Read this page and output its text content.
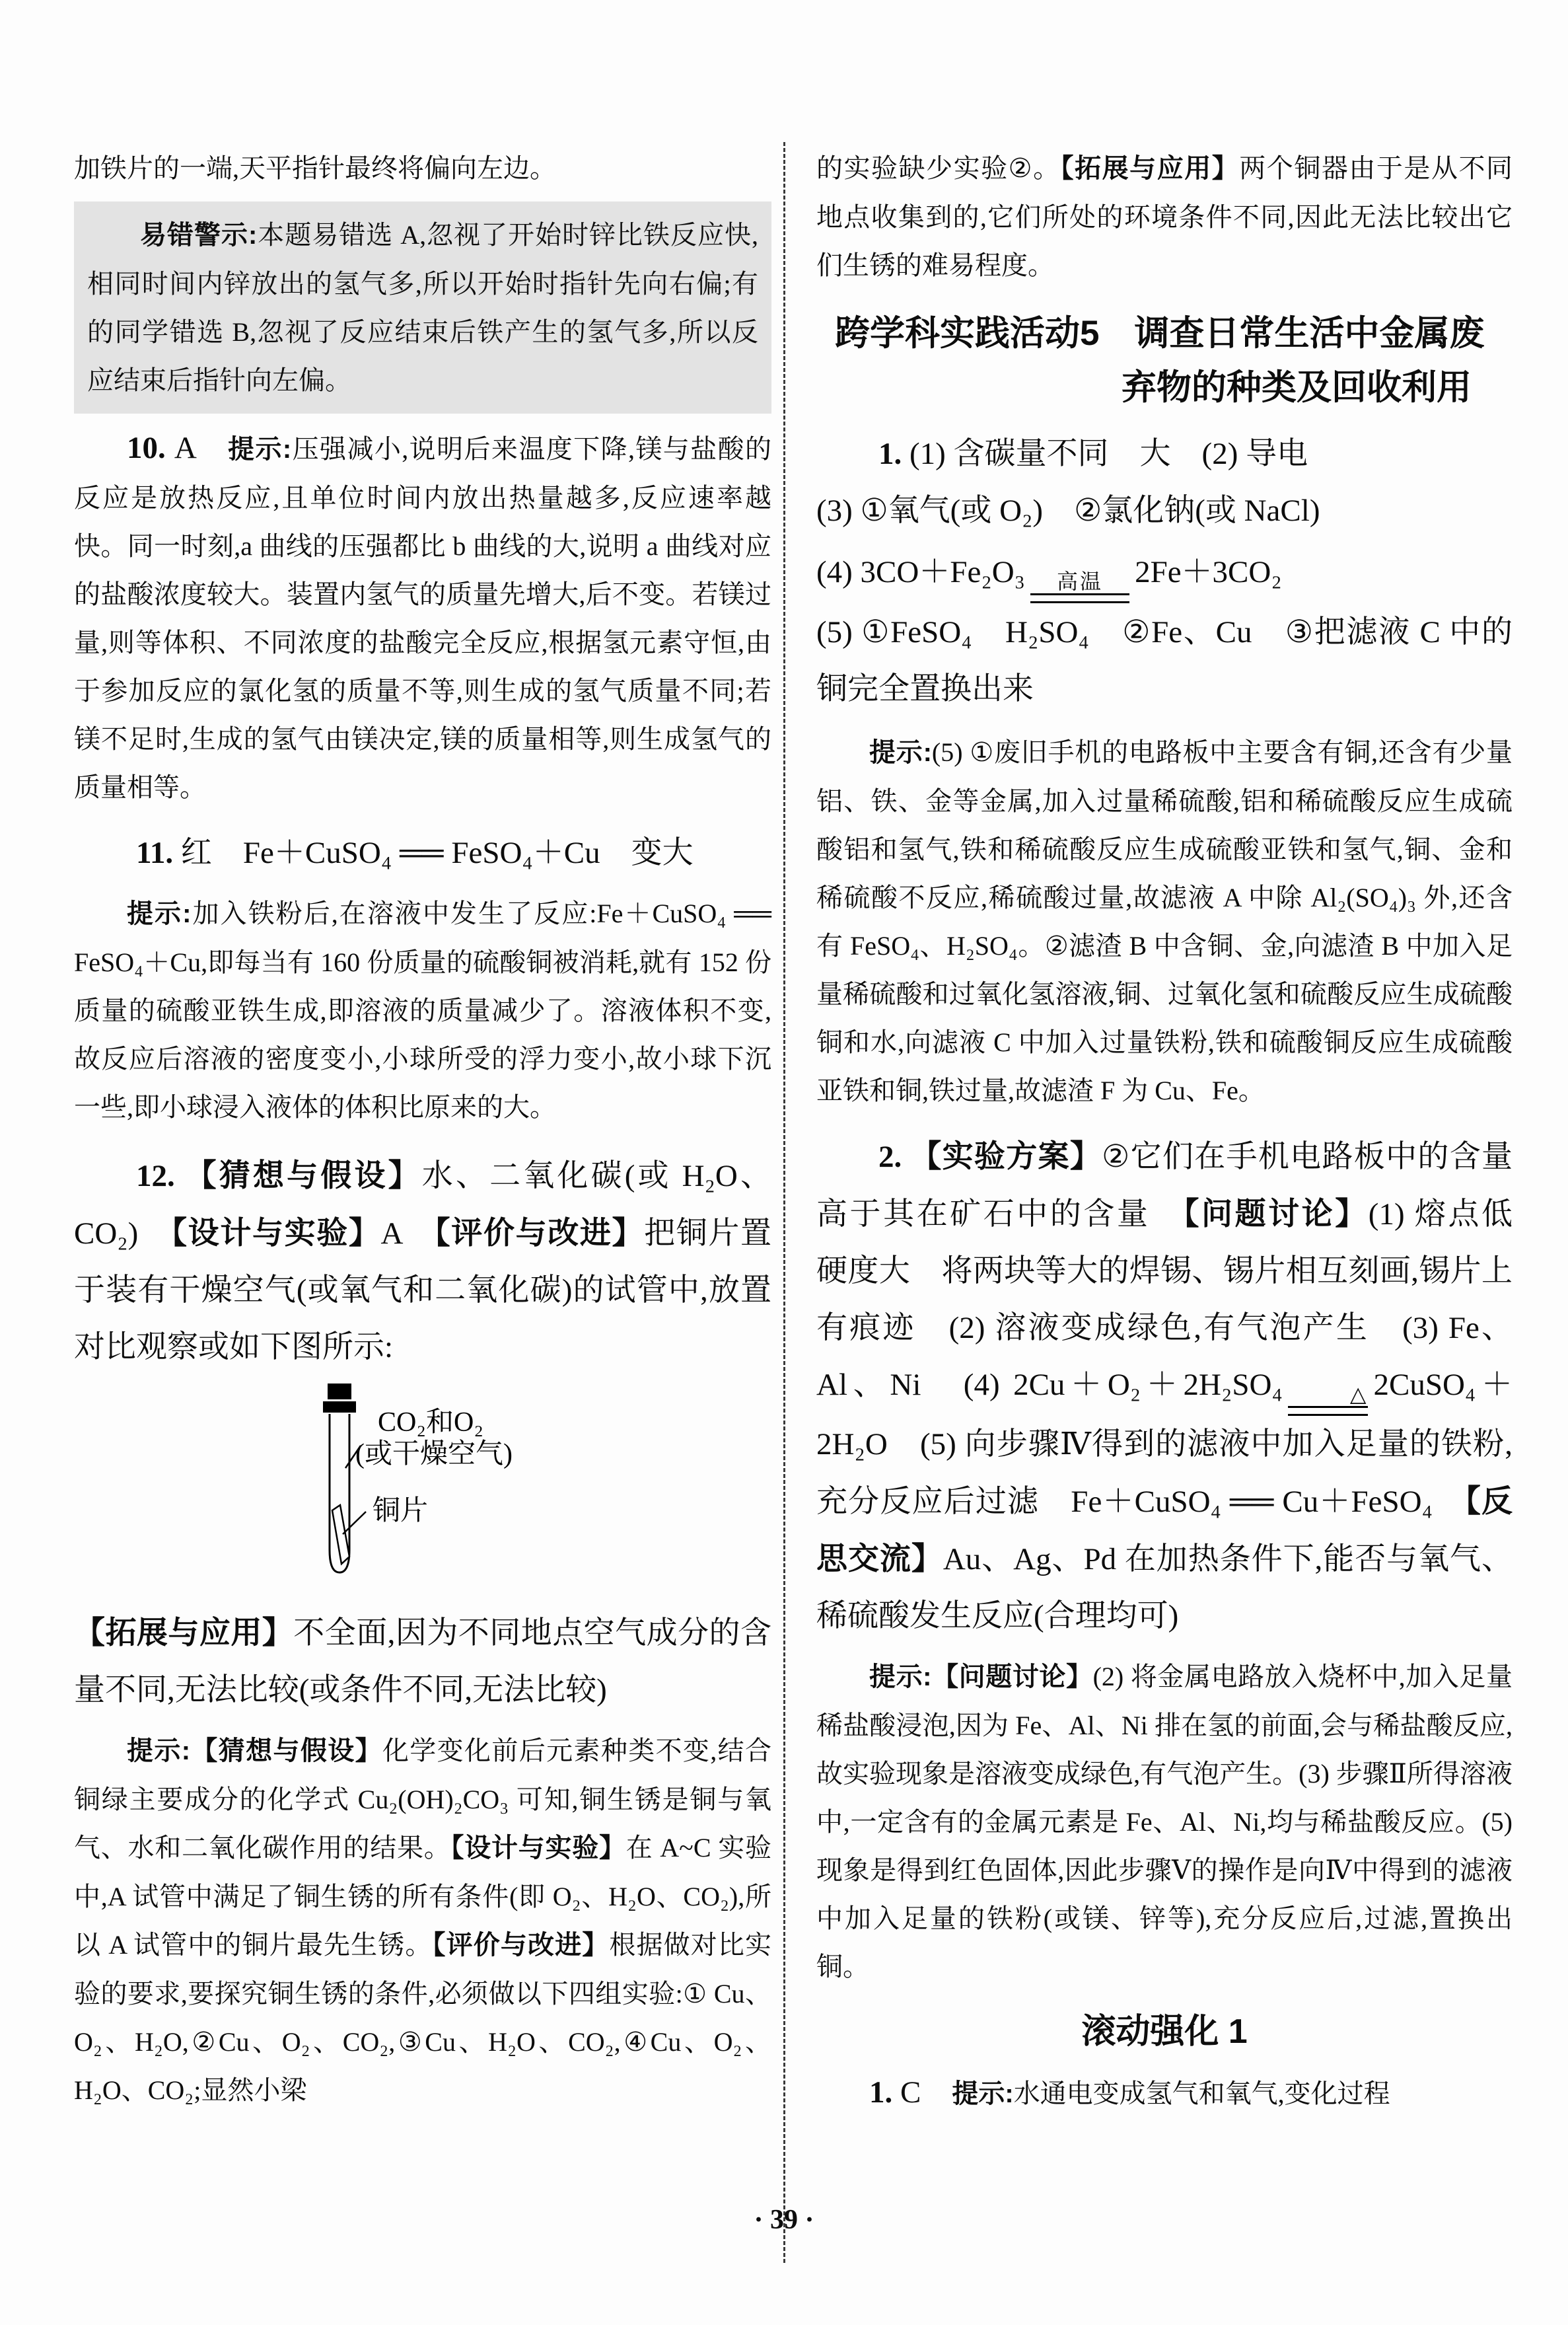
加铁片的一端,天平指针最终将偏向左边。

易错警示:本题易错选 A,忽视了开始时锌比铁反应快,相同时间内锌放出的氢气多,所以开始时指针先向右偏;有的同学错选 B,忽视了反应结束后铁产生的氢气多,所以反应结束后指针向左偏。

10. A　提示:压强减小,说明后来温度下降,镁与盐酸的反应是放热反应,且单位时间内放出热量越多,反应速率越快。同一时刻,a 曲线的压强都比 b 曲线的大,说明 a 曲线对应的盐酸浓度较大。装置内氢气的质量先增大,后不变。若镁过量,则等体积、不同浓度的盐酸完全反应,根据氢元素守恒,由于参加反应的氯化氢的质量不等,则生成的氢气质量不同;若镁不足时,生成的氢气由镁决定,镁的质量相等,则生成氢气的质量相等。

11. 红　Fe＋CuSO₄ ══ FeSO₄＋Cu　变大

提示:加入铁粉后,在溶液中发生了反应:Fe＋CuSO₄ ══ FeSO₄＋Cu,即每当有 160 份质量的硫酸铜被消耗,就有 152 份质量的硫酸亚铁生成,即溶液的质量减少了。溶液体积不变,故反应后溶液的密度变小,小球所受的浮力变小,故小球下沉一些,即小球浸入液体的体积比原来的大。

12. 【猜想与假设】水、二氧化碳(或 H₂O、CO₂)　【设计与实验】A　【评价与改进】把铜片置于装有干燥空气(或氧气和二氧化碳)的试管中,放置对比观察或如下图所示:

CO₂和O₂
(或干燥空气)
铜片

【拓展与应用】不全面,因为不同地点空气成分的含量不同,无法比较(或条件不同,无法比较)

提示:【猜想与假设】化学变化前后元素种类不变,结合铜绿主要成分的化学式 Cu₂(OH)₂CO₃ 可知,铜生锈是铜与氧气、水和二氧化碳作用的结果。【设计与实验】在 A~C 实验中,A 试管中满足了铜生锈的所有条件(即 O₂、H₂O、CO₂),所以 A 试管中的铜片最先生锈。【评价与改进】根据做对比实验的要求,要探究铜生锈的条件,必须做以下四组实验:① Cu、O₂、H₂O,②Cu、O₂、CO₂,③Cu、H₂O、CO₂,④Cu、O₂、H₂O、CO₂;显然小梁

的实验缺少实验②。【拓展与应用】两个铜器由于是从不同地点收集到的,它们所处的环境条件不同,因此无法比较出它们生锈的难易程度。

跨学科实践活动5　调查日常生活中金属废
弃物的种类及回收利用

1. (1) 含碳量不同　大　(2) 导电

(3) ①氧气(或 O₂)　②氯化钠(或 NaCl)

(4) 3CO＋Fe₂O₃	高温	2Fe＋3CO₂

(5) ①FeSO₄　H₂SO₄　②Fe、Cu　③把滤液 C 中的铜完全置换出来

提示:(5) ①废旧手机的电路板中主要含有铜,还含有少量铝、铁、金等金属,加入过量稀硫酸,铝和稀硫酸反应生成硫酸铝和氢气,铁和稀硫酸反应生成硫酸亚铁和氢气,铜、金和稀硫酸不反应,稀硫酸过量,故滤液 A 中除 Al₂(SO₄)₃ 外,还含有 FeSO₄、H₂SO₄。②滤渣 B 中含铜、金,向滤渣 B 中加入足量稀硫酸和过氧化氢溶液,铜、过氧化氢和硫酸反应生成硫酸铜和水,向滤液 C 中加入过量铁粉,铁和硫酸铜反应生成硫酸亚铁和铜,铁过量,故滤渣 F 为 Cu、Fe。

2. 【实验方案】②它们在手机电路板中的含量高于其在矿石中的含量　【问题讨论】(1) 熔点低　硬度大　将两块等大的焊锡、锡片相互刻画,锡片上有痕迹　(2) 溶液变成绿色,有气泡产生　(3) Fe、Al、Ni　(4) 2Cu＋O₂＋2H₂SO₄	△ 2CuSO₄＋2H₂O　(5) 向步骤Ⅳ得到的滤液中加入足量的铁粉,充分反应后过滤　Fe＋CuSO₄ ══ Cu＋FeSO₄　【反思交流】Au、Ag、Pd 在加热条件下,能否与氧气、稀硫酸发生反应(合理均可)

提示:【问题讨论】(2) 将金属电路放入烧杯中,加入足量稀盐酸浸泡,因为 Fe、Al、Ni 排在氢的前面,会与稀盐酸反应,故实验现象是溶液变成绿色,有气泡产生。(3) 步骤Ⅱ所得溶液中,一定含有的金属元素是 Fe、Al、Ni,均与稀盐酸反应。(5) 现象是得到红色固体,因此步骤Ⅴ的操作是向Ⅳ中得到的滤液中加入足量的铁粉(或镁、锌等),充分反应后,过滤,置换出铜。

滚动强化 1

1. C　提示:水通电变成氢气和氧气,变化过程

· 39 ·
